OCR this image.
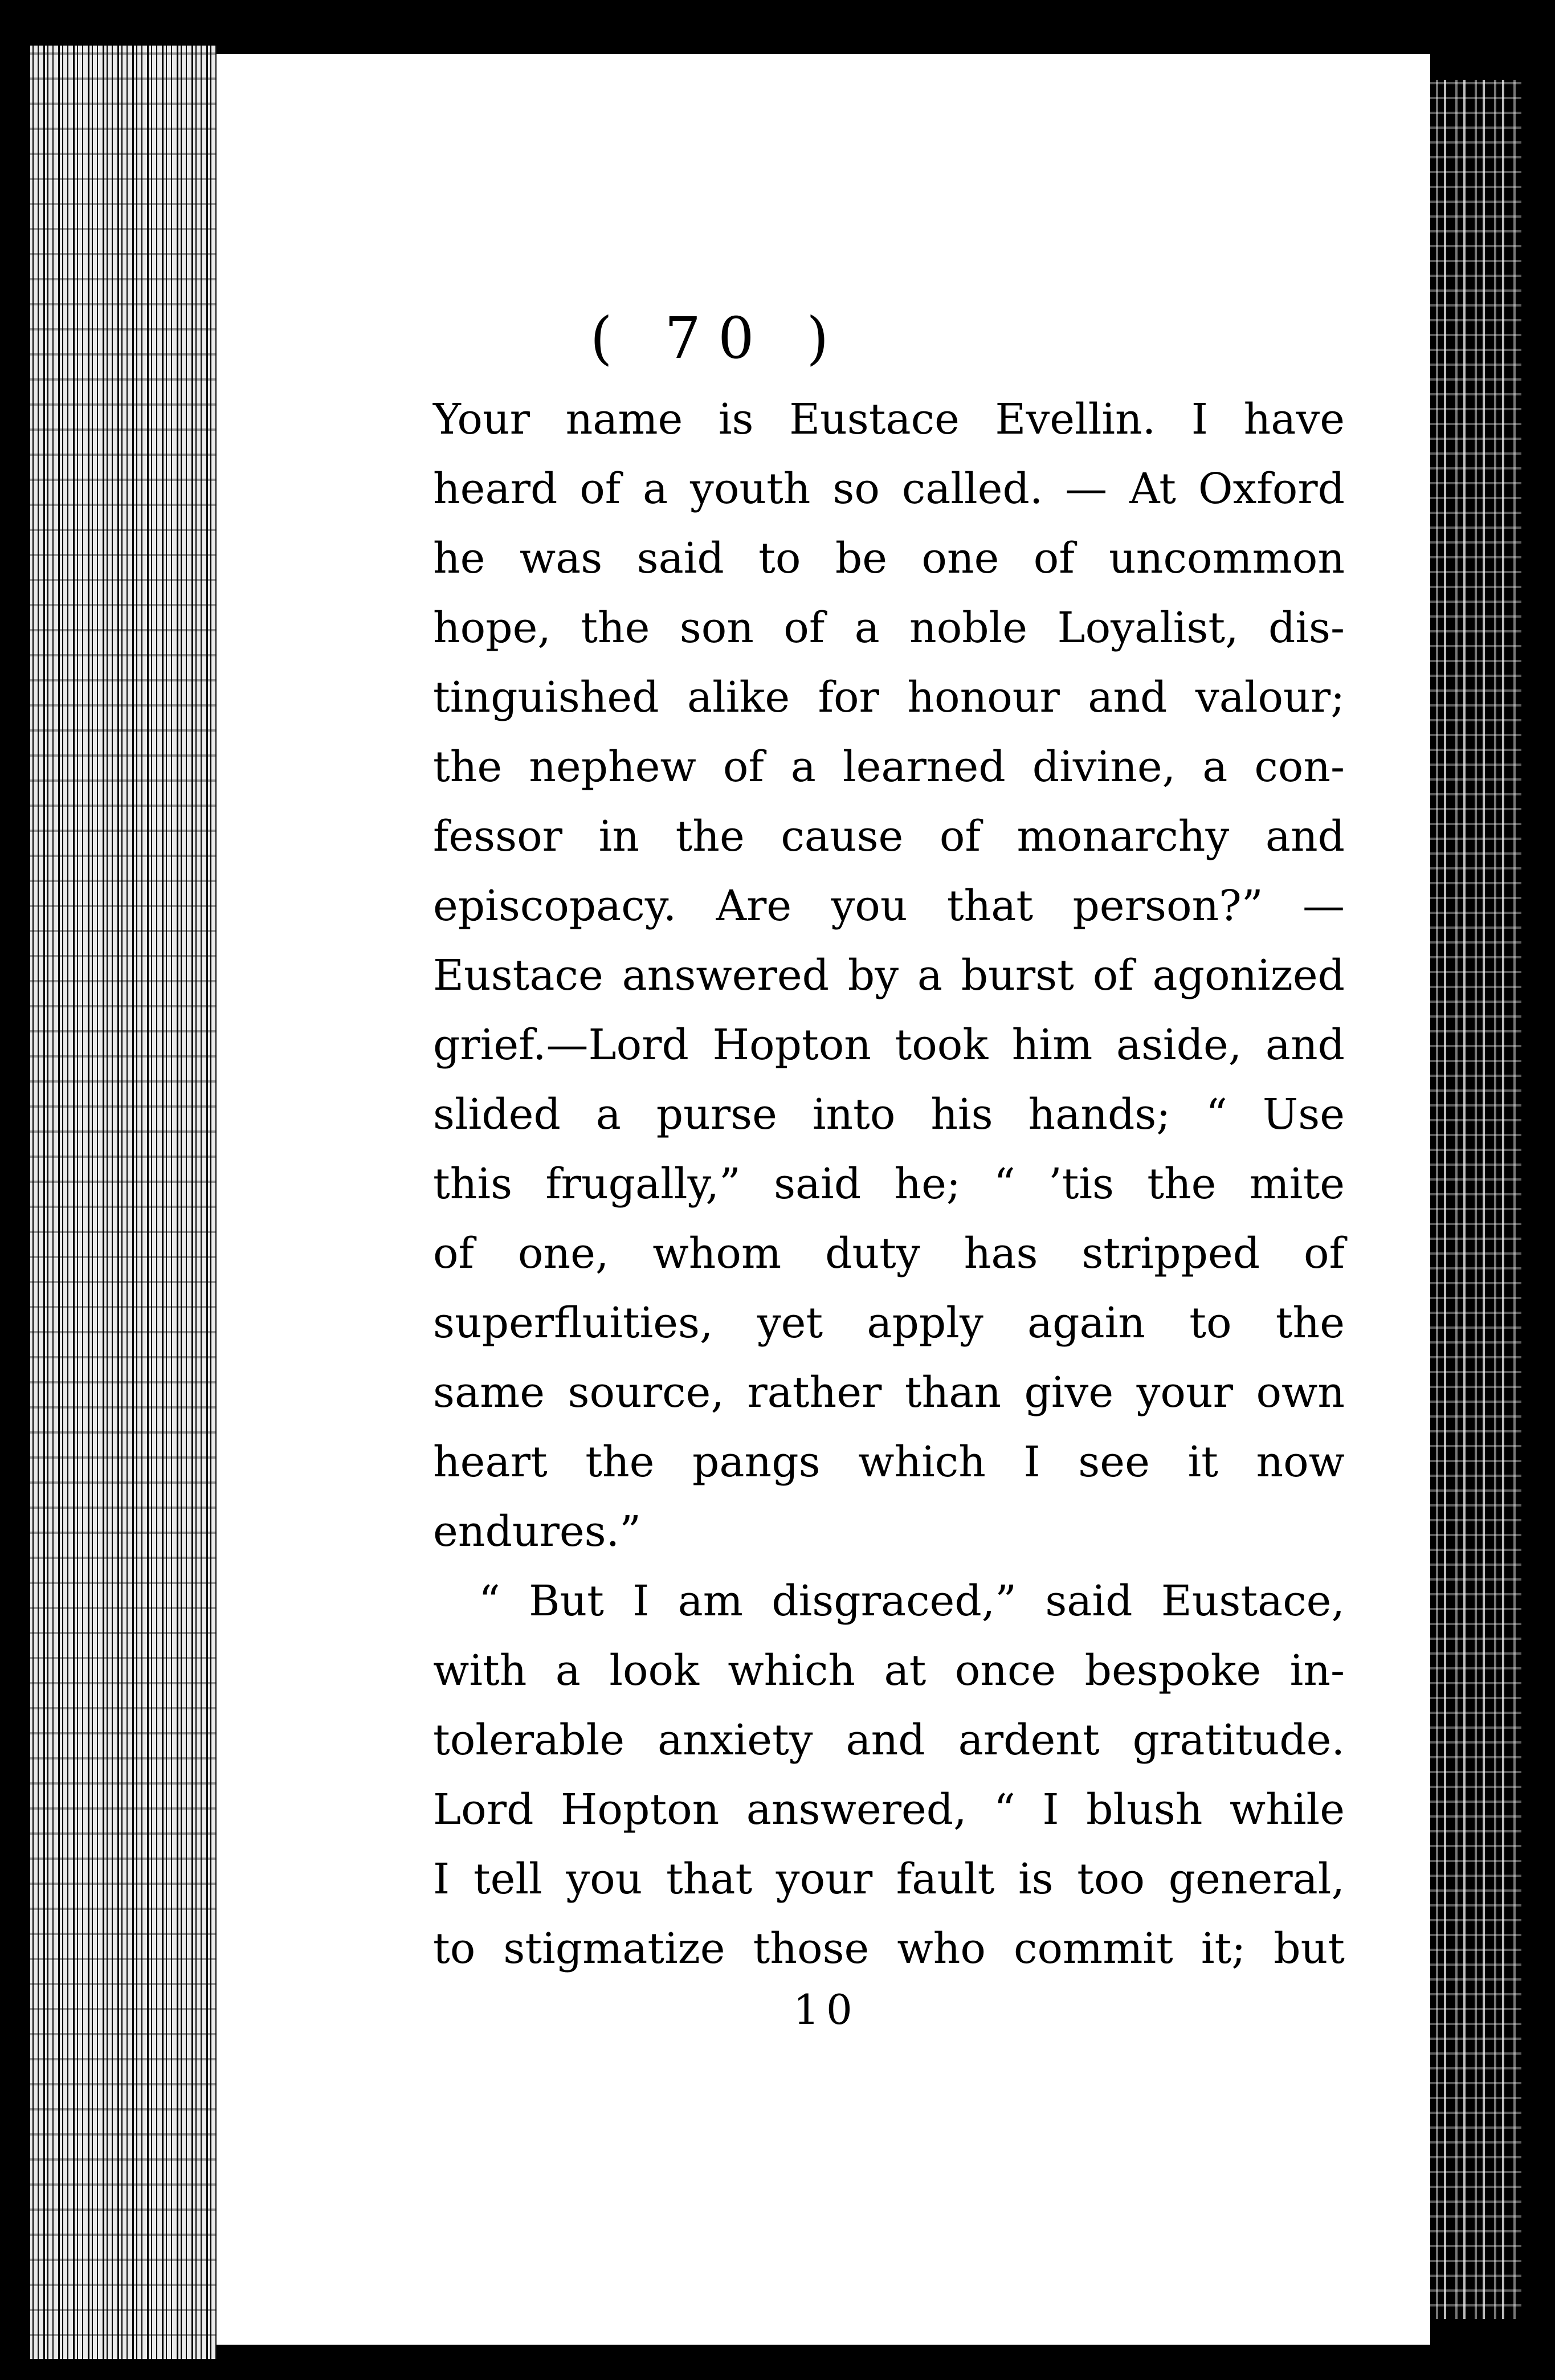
( 70 )
Your name is Eustace Evellin. I have
heard of a youth so called. — At Oxford
he was said to be one of uncommon
hope, the son of a noble Loyalist, dis-
tinguished alike for honour and valour;
the nephew of a learned divine, a con-
fessor in the cause of monarchy and
episcopacy. Are you that person?” —
Eustace answered by a burst of agonized
grief.—Lord Hopton took him aside, and
slided a purse into his hands; “ Use
this frugally,” said he; “ ’tis the mite
of one, whom duty has stripped of
superfluities, yet apply again to the
same source, rather than give your own
heart the pangs which I see it now
endures.”
“ But I am disgraced,” said Eustace,
with a look which at once bespoke in-
tolerable anxiety and ardent gratitude.
Lord Hopton answered, “ I blush while
I tell you that your fault is too general,
to stigmatize those who commit it; but
10
